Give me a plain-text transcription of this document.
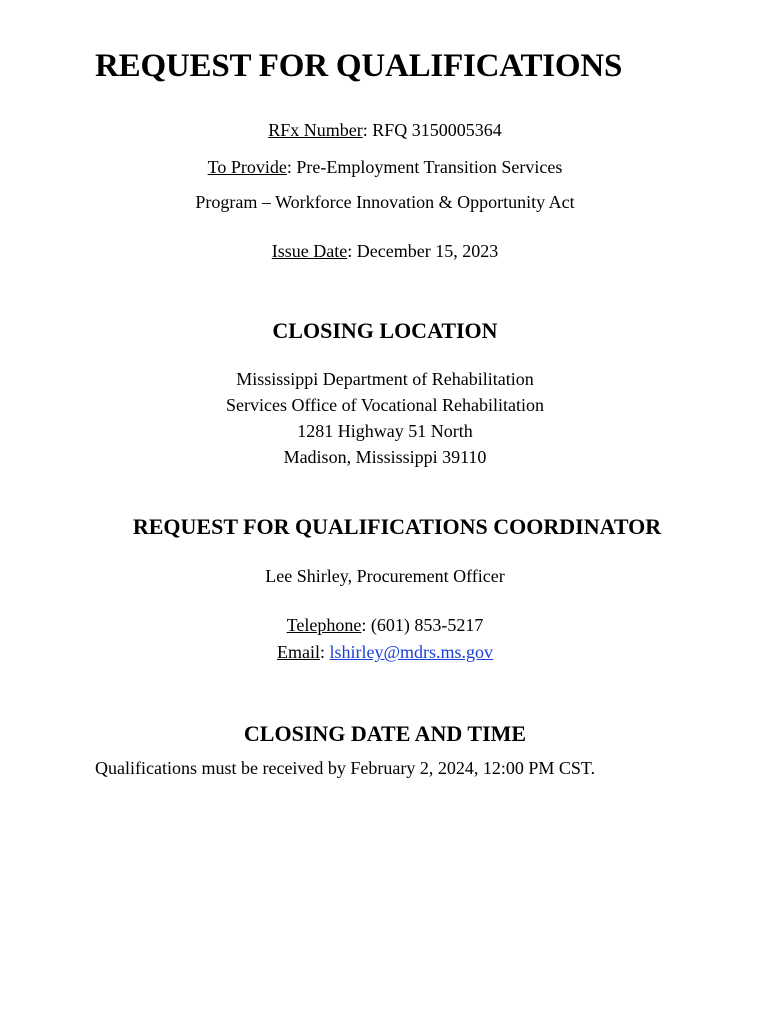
REQUEST FOR QUALIFICATIONS
RFx Number: RFQ 3150005364
To Provide: Pre-Employment Transition Services
Program – Workforce Innovation & Opportunity Act
Issue Date: December 15, 2023
CLOSING LOCATION
Mississippi Department of Rehabilitation
Services Office of Vocational Rehabilitation
1281 Highway 51 North
Madison, Mississippi 39110
REQUEST FOR QUALIFICATIONS COORDINATOR
Lee Shirley, Procurement Officer
Telephone: (601) 853-5217
Email: lshirley@mdrs.ms.gov
CLOSING DATE AND TIME
Qualifications must be received by February 2, 2024, 12:00 PM CST.
